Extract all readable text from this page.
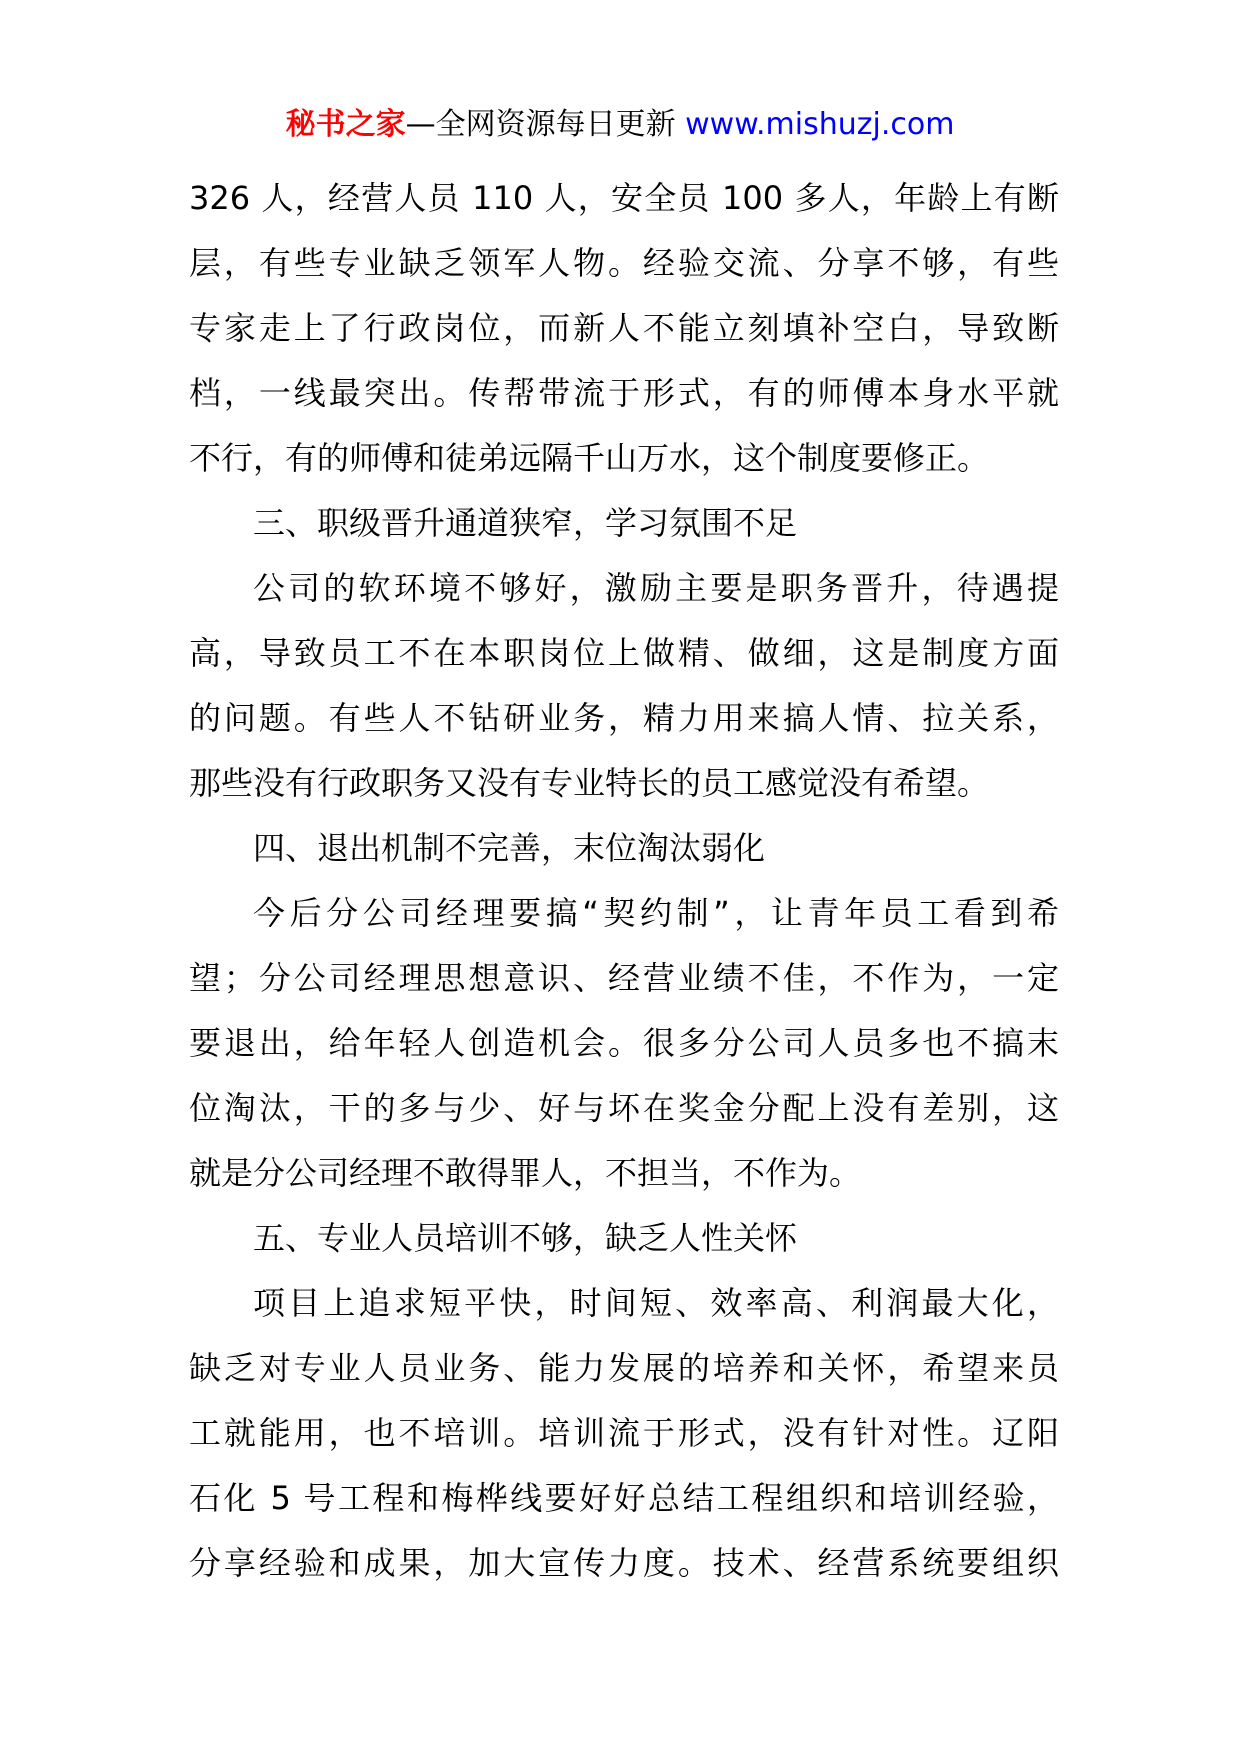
秘书之家—全网资源每日更新 www.mishuzj.com
326 人，经营人员 110 人，安全员 100 多人，年龄上有断
层，有些专业缺乏领军人物。经验交流、分享不够，有些
专家走上了行政岗位，而新人不能立刻填补空白，导致断
档，一线最突出。传帮带流于形式，有的师傅本身水平就
不行，有的师傅和徒弟远隔千山万水，这个制度要修正。
三、职级晋升通道狭窄，学习氛围不足
公司的软环境不够好，激励主要是职务晋升，待遇提
高，导致员工不在本职岗位上做精、做细，这是制度方面
的问题。有些人不钻研业务，精力用来搞人情、拉关系，
那些没有行政职务又没有专业特长的员工感觉没有希望。
四、退出机制不完善，末位淘汰弱化
今后分公司经理要搞“契约制”，让青年员工看到希
望；分公司经理思想意识、经营业绩不佳，不作为，一定
要退出，给年轻人创造机会。很多分公司人员多也不搞末
位淘汰，干的多与少、好与坏在奖金分配上没有差别，这
就是分公司经理不敢得罪人，不担当，不作为。
五、专业人员培训不够，缺乏人性关怀
项目上追求短平快，时间短、效率高、利润最大化，
缺乏对专业人员业务、能力发展的培养和关怀，希望来员
工就能用，也不培训。培训流于形式，没有针对性。辽阳
石化 5 号工程和梅桦线要好好总结工程组织和培训经验，
分享经验和成果，加大宣传力度。技术、经营系统要组织
